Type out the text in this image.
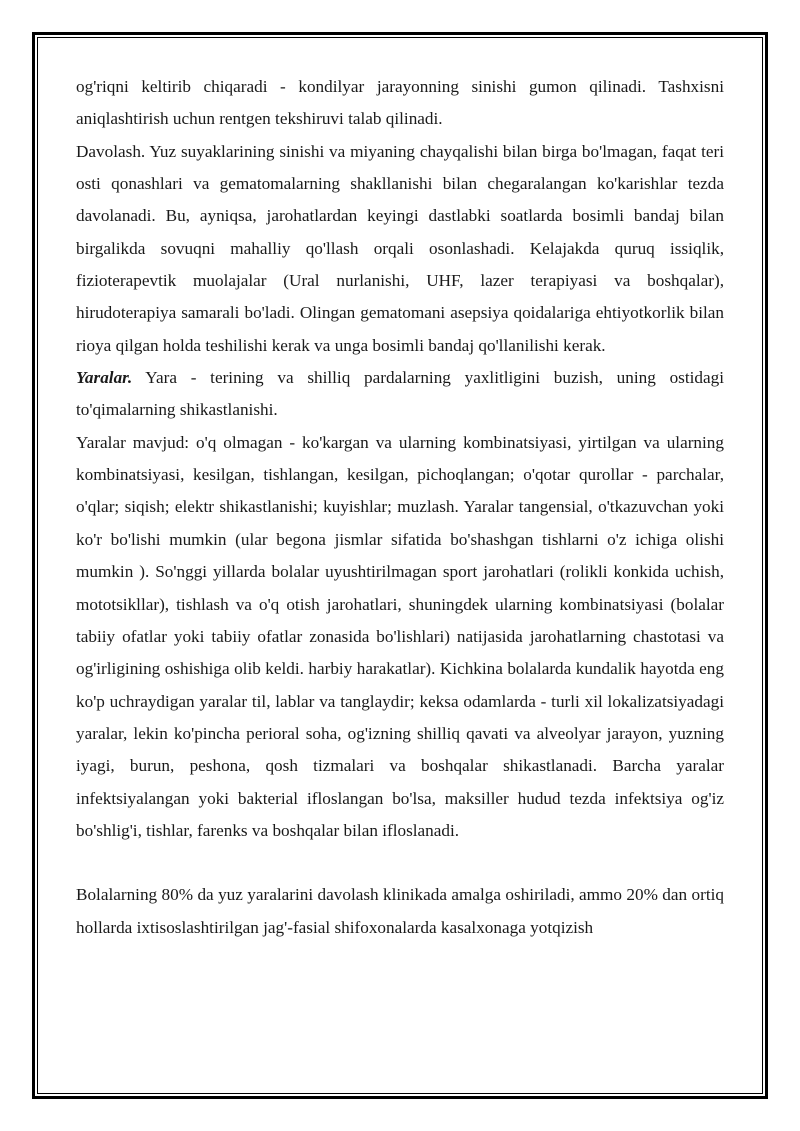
og'riqni keltirib chiqaradi - kondilyar jarayonning sinishi gumon qilinadi. Tashxisni aniqlashtirish uchun rentgen tekshiruvi talab qilinadi.

Davolash. Yuz suyaklarining sinishi va miyaning chayqalishi bilan birga bo'lmagan, faqat teri osti qonashlari va gematomalarning shakllanishi bilan chegaralangan ko'karishlar tezda davolanadi. Bu, ayniqsa, jarohatlardan keyingi dastlabki soatlarda bosimli bandaj bilan birgalikda sovuqni mahalliy qo'llash orqali osonlashadi. Kelajakda quruq issiqlik, fizioterapevtik muolajalar (Ural nurlanishi, UHF, lazer terapiyasi va boshqalar), hirudoterapiya samarali bo'ladi. Olingan gematomani asepsiya qoidalariga ehtiyotkorlik bilan rioya qilgan holda teshilishi kerak va unga bosimli bandaj qo'llanilishi kerak.

Yaralar. Yara - terining va shilliq pardalarning yaxlitligini buzish, uning ostidagi to'qimalarning shikastlanishi.

Yaralar mavjud: o'q olmagan - ko'kargan va ularning kombinatsiyasi, yirtilgan va ularning kombinatsiyasi, kesilgan, tishlangan, kesilgan, pichoqlangan; o'qotar qurollar - parchalar, o'qlar; siqish; elektr shikastlanishi; kuyishlar; muzlash. Yaralar tangensial, o'tkazuvchan yoki ko'r bo'lishi mumkin (ular begona jismlar sifatida bo'shashgan tishlarni o'z ichiga olishi mumkin ). So'nggi yillarda bolalar uyushtirilmagan sport jarohatlari (rolikli konkida uchish, mototsikllar), tishlash va o'q otish jarohatlari, shuningdek ularning kombinatsiyasi (bolalar tabiiy ofatlar yoki tabiiy ofatlar zonasida bo'lishlari) natijasida jarohatlarning chastotasi va og'irligining oshishiga olib keldi. harbiy harakatlar). Kichkina bolalarda kundalik hayotda eng ko'p uchraydigan yaralar til, lablar va tanglaydir; keksa odamlarda - turli xil lokalizatsiyadagi yaralar, lekin ko'pincha perioral soha, og'izning shilliq qavati va alveolyar jarayon, yuzning iyagi, burun, peshona, qosh tizmalari va boshqalar shikastlanadi. Barcha yaralar infektsiyalangan yoki bakterial ifloslangan bo'lsa, maksiller hudud tezda infektsiya og'iz bo'shlig'i, tishlar, farenks va boshqalar bilan ifloslanadi.

Bolalarning 80% da yuz yaralarini davolash klinikada amalga oshiriladi, ammo 20% dan ortiq hollarda ixtisoslashtirilgan jag'-fasial shifoxonalarda kasalxonaga yotqizish
